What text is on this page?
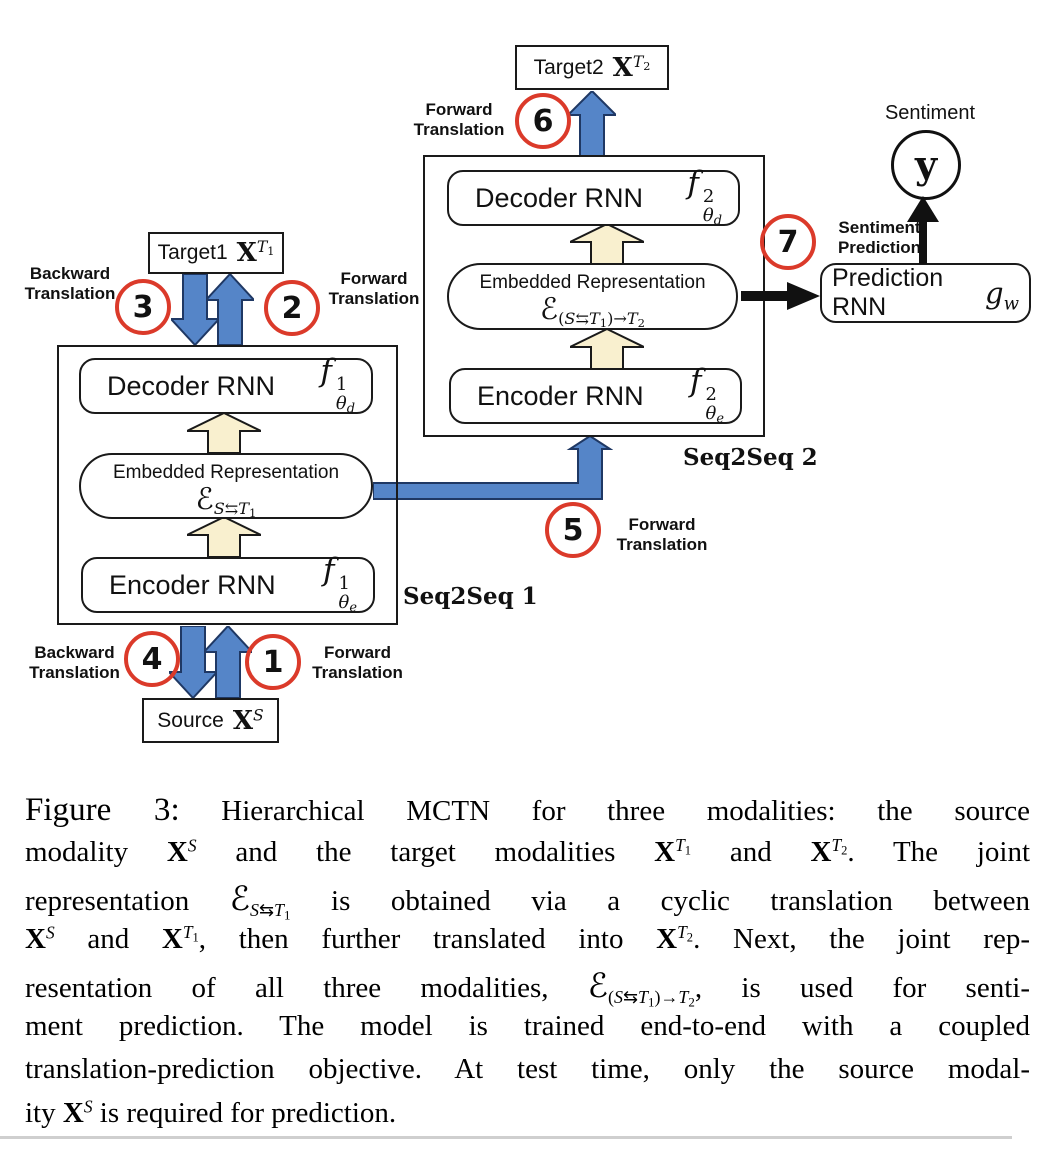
Decoder RNN f 1
$\theta_d$
Embedded Representation
ℰ$_{S⇆T_1}$
Encoder RNN f 1
$\theta_e$ Seq2Seq 1
Decoder RNN f 2
$\theta_d$
Embedded Representation
ℰ$_{(S⇆T_1)\to T_2}$
Encoder RNN f 2
$\theta_e$
Seq2Seq 2
Target2 $X^{T_2}$
Target1 $X^{T_1}$
Source $X^S$
Prediction RNN	$g_w$
Sentiment
y
1
2
3
4
5
6
7
Forward Translation
Forward Translation
Backward Translation
Backward Translation
Forward Translation
Forward Translation
Sentiment Prediction
Figure 3: Hierarchical MCTN for three modalities: the source
modality $X^S$ and the target modalities $X^{T_1}$ and $X^{T_2}$. The joint
representation ℰ$_{S⇆T_1}$ is obtained via a cyclic translation between
$X^S$ and $X^{T_1}$, then further translated into $X^{T_2}$. Next, the joint rep-
resentation of all three modalities, ℰ$_{(S⇆T_1)\to T_2}$, is used for senti-
ment prediction. The model is trained end-to-end with a coupled
translation-prediction objective. At test time, only the source modal-
ity $X^S$ is required for prediction.
